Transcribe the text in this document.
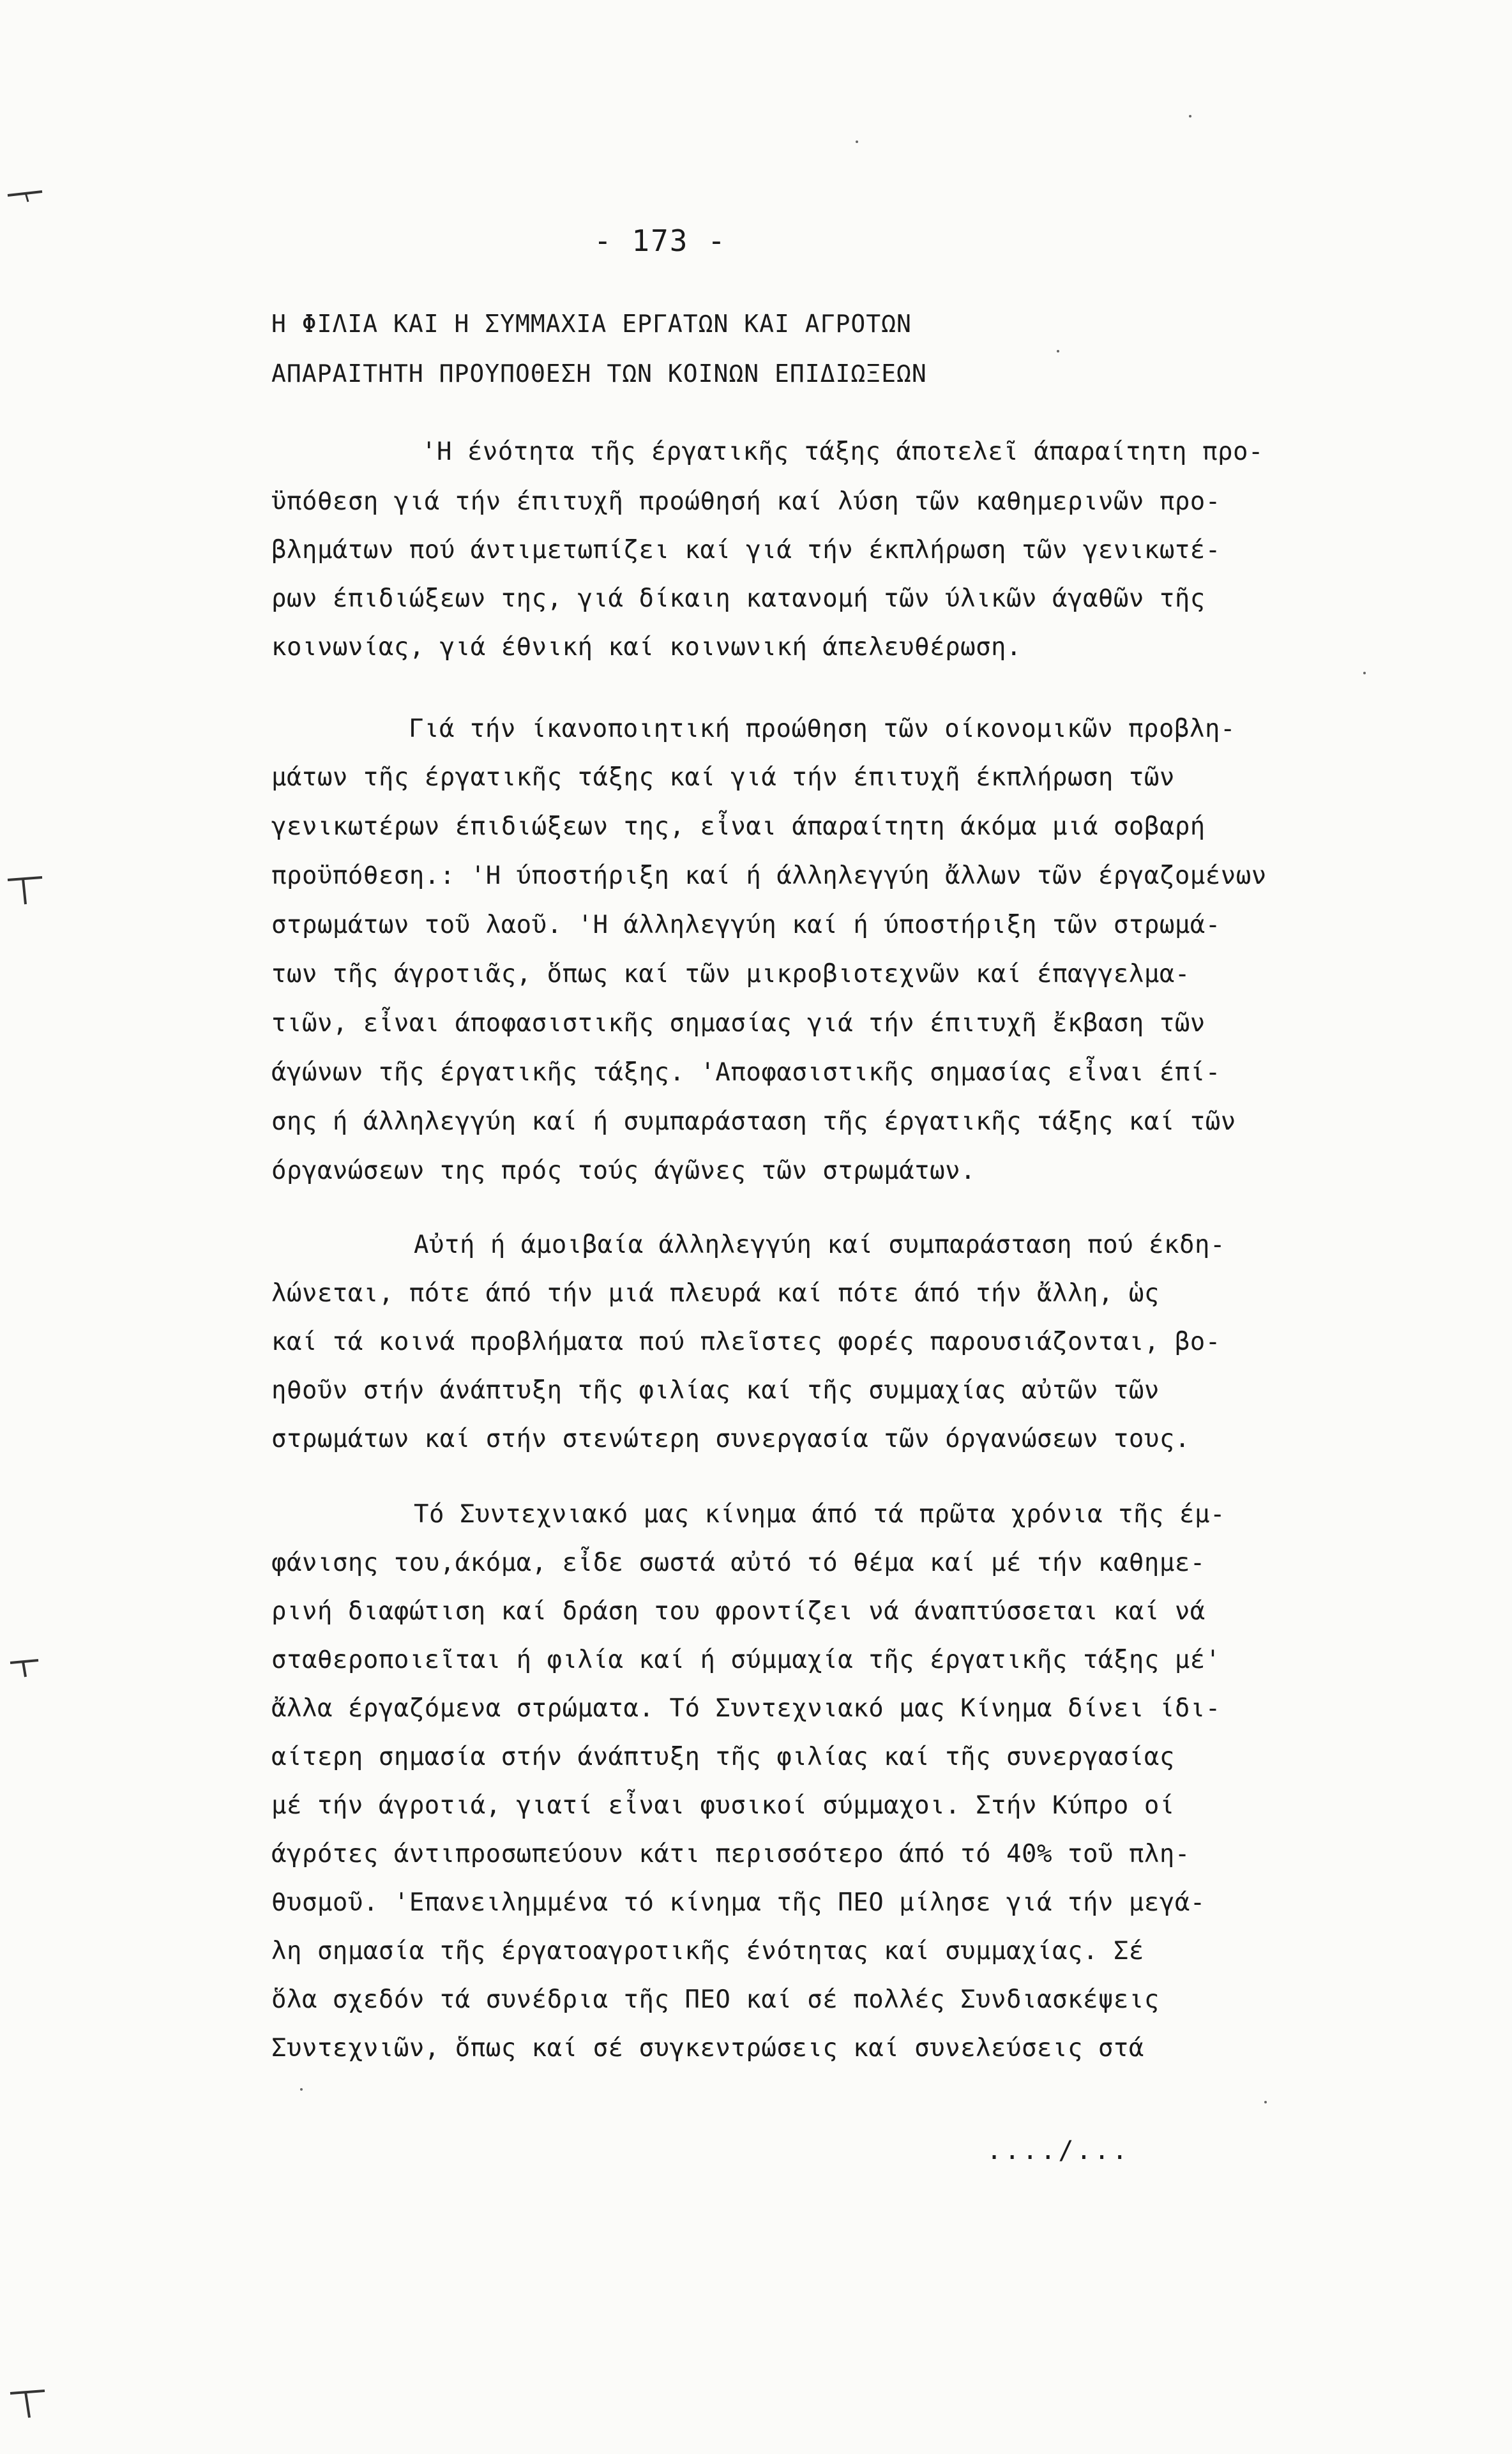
- 173 -
Η ΦΙΛΙΑ ΚΑΙ Η ΣΥΜΜΑΧΙΑ ΕΡΓΑΤΩΝ ΚΑΙ ΑΓΡΟΤΩΝ
ΑΠΑΡΑΙΤΗΤΗ ΠΡΟΥΠΟΘΕΣΗ ΤΩΝ ΚΟΙΝΩΝ ΕΠΙΔΙΩΞΕΩΝ
'Η ένότητα τῆς έργατικῆς τάξης άποτελεῖ άπαραίτητη προ-
ϋπόθεση γιά τήν έπιτυχῆ προώθησή καί λύση τῶν καθημερινῶν προ-
βλημάτων πού άντιμετωπίζει καί γιά τήν έκπλήρωση τῶν γενικωτέ-
ρων έπιδιώξεων της, γιά δίκαιη κατανομή τῶν ύλικῶν άγαθῶν τῆς
κοινωνίας, γιά έθνική καί κοινωνική άπελευθέρωση.
Γιά τήν ίκανοποιητική προώθηση τῶν οίκονομικῶν προβλη-
μάτων τῆς έργατικῆς τάξης καί γιά τήν έπιτυχῆ έκπλήρωση τῶν
γενικωτέρων έπιδιώξεων της, εἶναι άπαραίτητη άκόμα μιά σοβαρή
προϋπόθεση.: 'Η ύποστήριξη καί ή άλληλεγγύη ἄλλων τῶν έργαζομένων
στρωμάτων τοῦ λαοῦ. 'Η άλληλεγγύη καί ή ύποστήριξη τῶν στρωμά-
των τῆς άγροτιᾶς, ὅπως καί τῶν μικροβιοτεχνῶν καί έπαγγελμα-
τιῶν, εἶναι άποφασιστικῆς σημασίας γιά τήν έπιτυχῆ ἔκβαση τῶν
άγώνων τῆς έργατικῆς τάξης. 'Αποφασιστικῆς σημασίας εἶναι έπί-
σης ή άλληλεγγύη καί ή συμπαράσταση τῆς έργατικῆς τάξης καί τῶν
όργανώσεων της πρός τούς άγῶνες τῶν στρωμάτων.
Αὐτή ή άμοιβαία άλληλεγγύη καί συμπαράσταση πού έκδη-
λώνεται, πότε άπό τήν μιά πλευρά καί πότε άπό τήν ἄλλη, ὡς
καί τά κοινά προβλήματα πού πλεῖστες φορές παρουσιάζονται, βο-
ηθοῦν στήν άνάπτυξη τῆς φιλίας καί τῆς συμμαχίας αὐτῶν τῶν
στρωμάτων καί στήν στενώτερη συνεργασία τῶν όργανώσεων τους.
Τό Συντεχνιακό μας κίνημα άπό τά πρῶτα χρόνια τῆς έμ-
φάνισης του,άκόμα, εἶδε σωστά αὐτό τό θέμα καί μέ τήν καθημε-
ρινή διαφώτιση καί δράση του φροντίζει νά άναπτύσσεται καί νά
σταθεροποιεῖται ή φιλία καί ή σύμμαχία τῆς έργατικῆς τάξης μέ'
ἄλλα έργαζόμενα στρώματα. Τό Συντεχνιακό μας Κίνημα δίνει ίδι-
αίτερη σημασία στήν άνάπτυξη τῆς φιλίας καί τῆς συνεργασίας
μέ τήν άγροτιά, γιατί εἶναι φυσικοί σύμμαχοι. Στήν Κύπρο οί
άγρότες άντιπροσωπεύουν κάτι περισσότερο άπό τό 40% τοῦ πλη-
θυσμοῦ. 'Επανειλημμένα τό κίνημα τῆς ΠΕΟ μίλησε γιά τήν μεγά-
λη σημασία τῆς έργατοαγροτικῆς ένότητας καί συμμαχίας. Σέ
ὅλα σχεδόν τά συνέδρια τῆς ΠΕΟ καί σέ πολλές Συνδιασκέψεις
Συντεχνιῶν, ὅπως καί σέ συγκεντρώσεις καί συνελεύσεις στά
..../...
